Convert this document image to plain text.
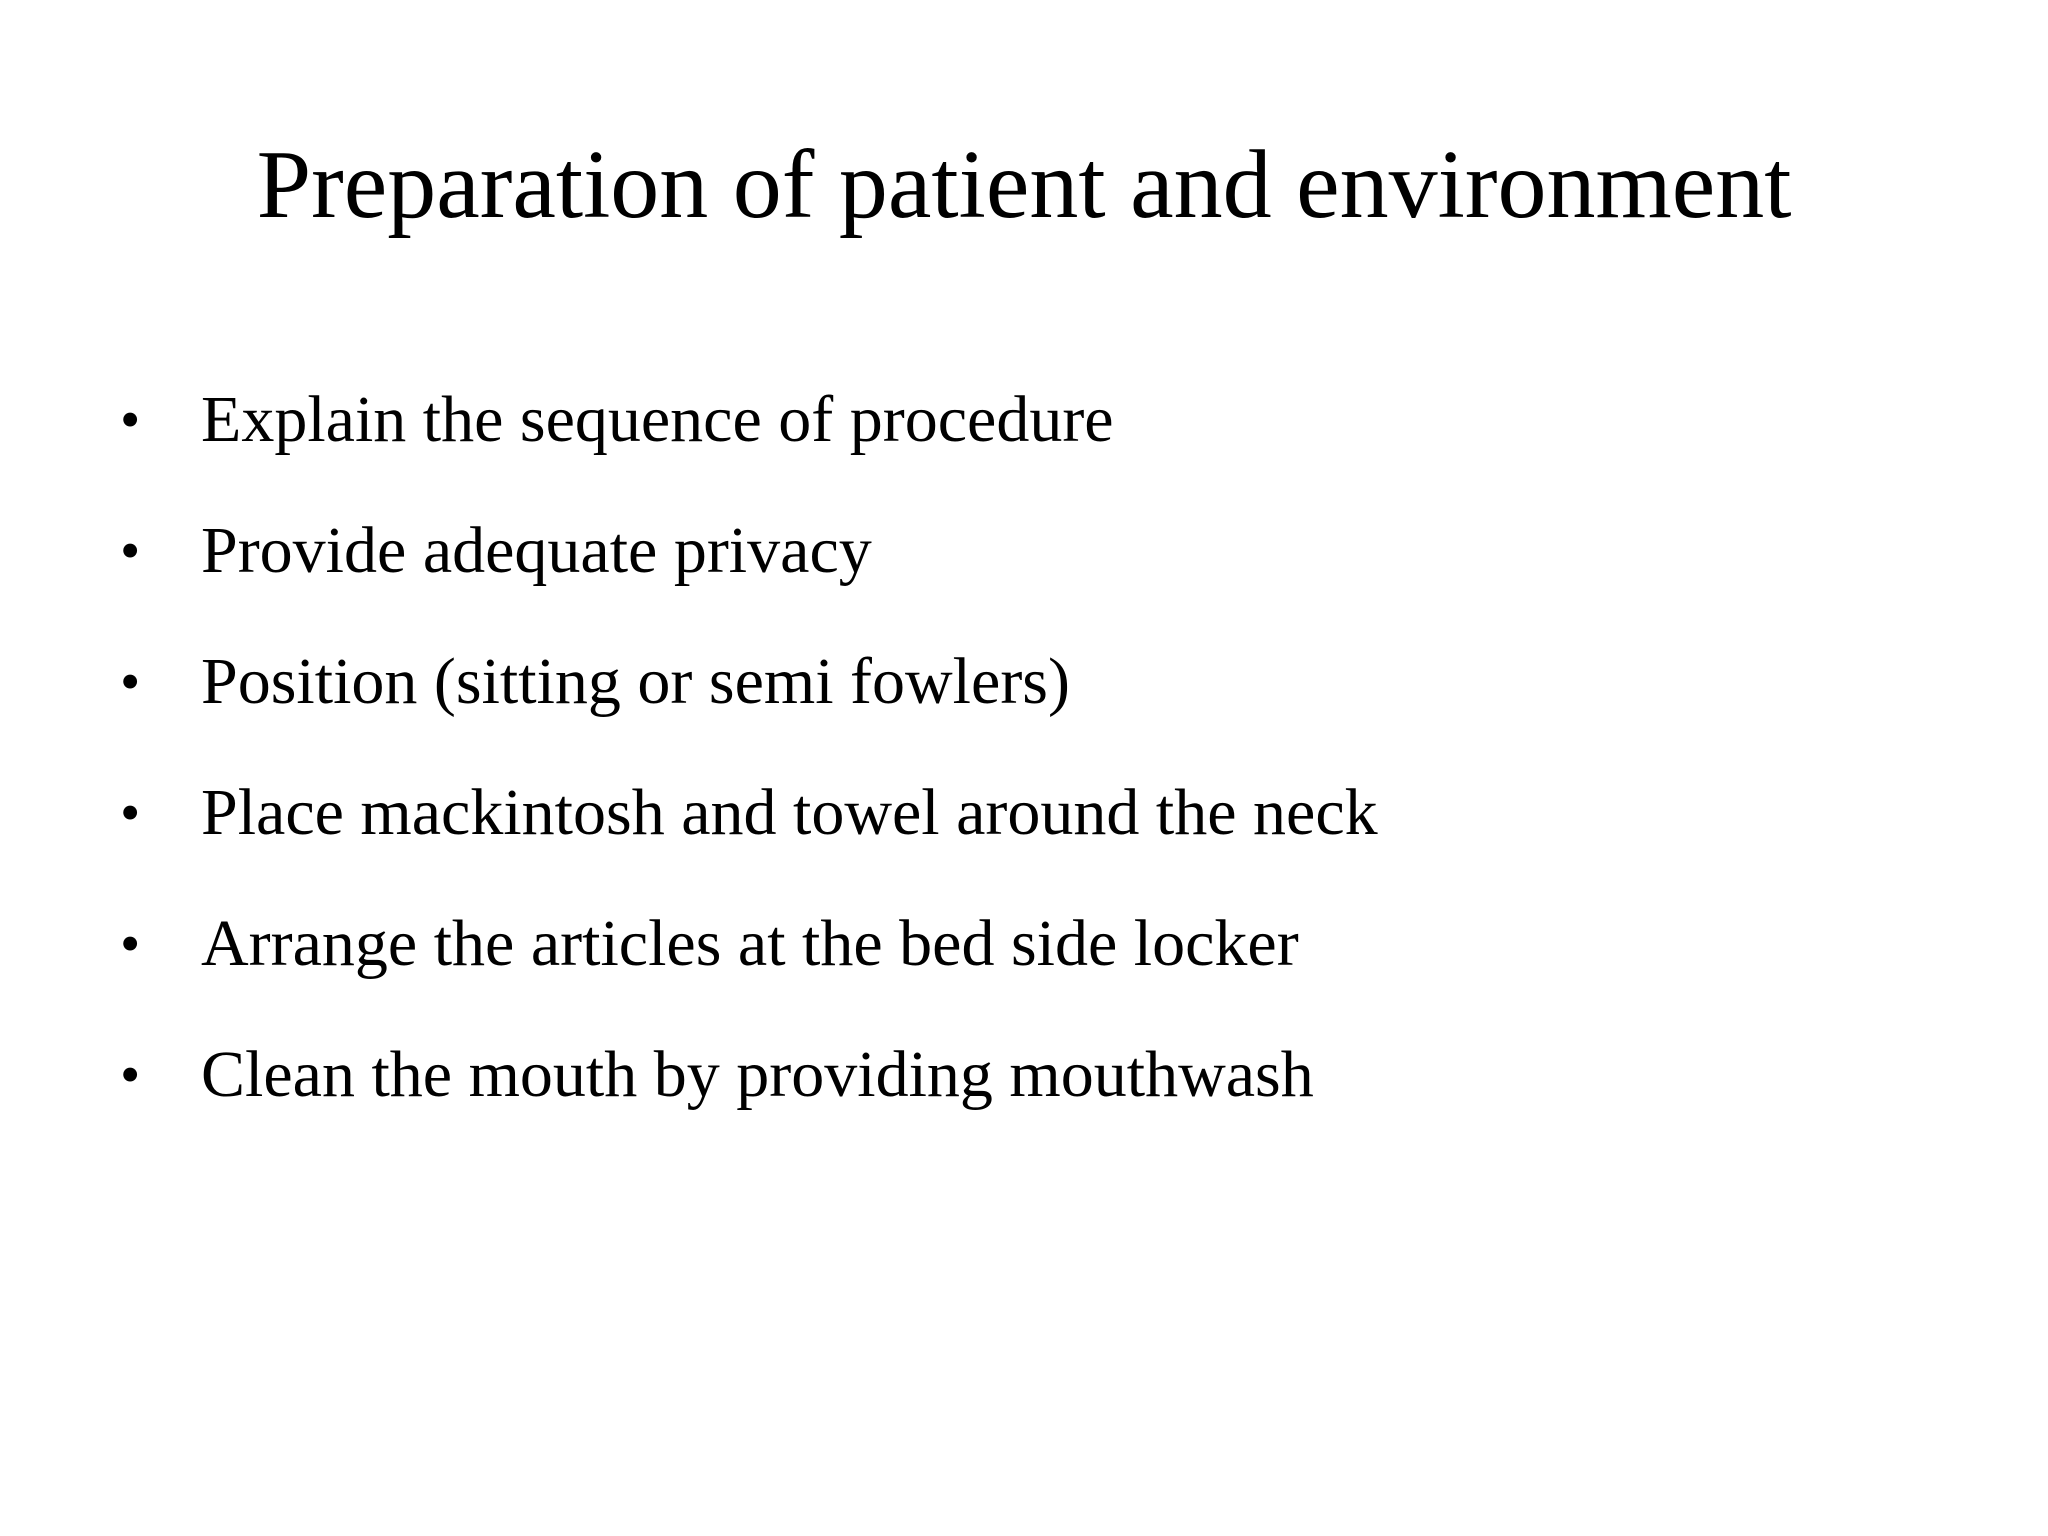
Preparation of patient and environment
• Explain the sequence of procedure
• Provide adequate privacy
• Position (sitting or semi fowlers)
• Place mackintosh and towel around the neck
• Arrange the articles at the bed side locker
• Clean the mouth by providing mouthwash
